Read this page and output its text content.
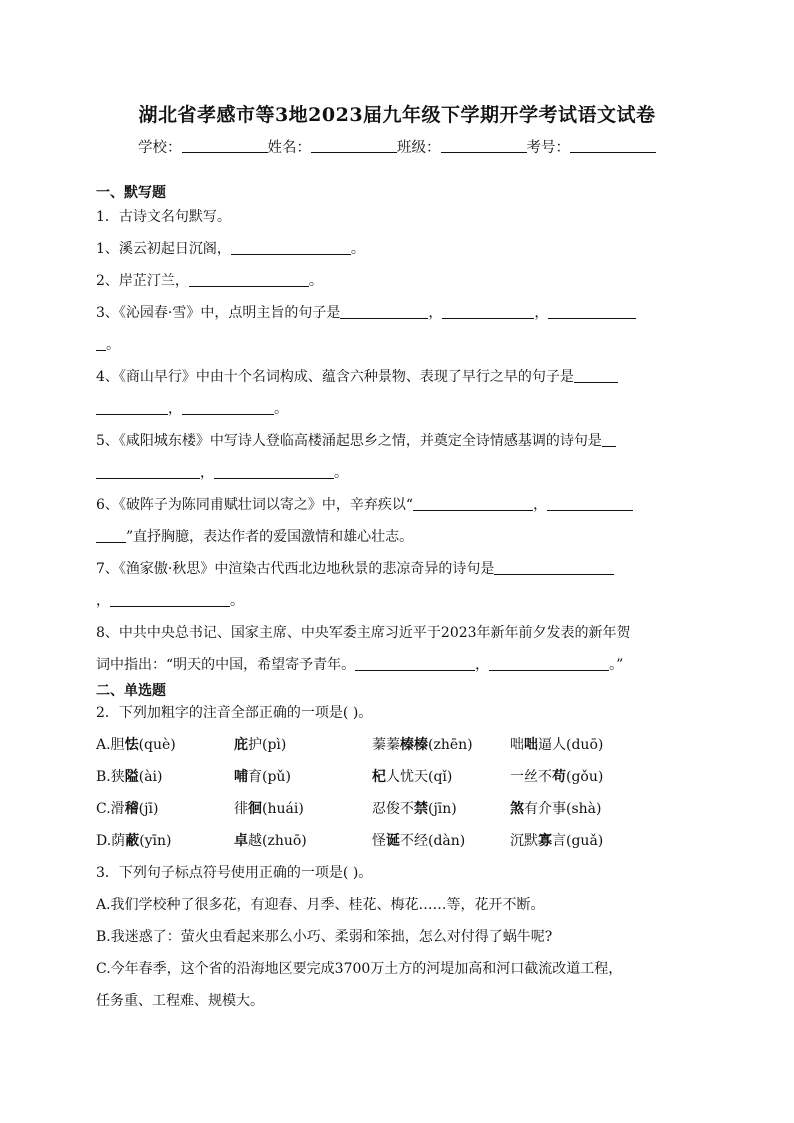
湖北省孝感市等3地2023届九年级下学期开学考试语文试卷
学校：	姓名：	班级：	考号：
一、默写题
1．古诗文名句默写。
1、溪云初起日沉阁，	。
2、岸芷汀兰，	。
3、《沁园春·雪》中，点明主旨的句子是	，	，
。
4、《商山早行》中由十个名词构成、蕴含六种景物、表现了早行之早的句子是
，	。
5、《咸阳城东楼》中写诗人登临高楼涌起思乡之情，并奠定全诗情感基调的诗句是
，	。
6、《破阵子为陈同甫赋壮词以寄之》中，辛弃疾以“	，
”直抒胸臆，表达作者的爱国激情和雄心壮志。
7、《渔家傲·秋思》中渲染古代西北边地秋景的悲凉奇异的诗句是
，	。
8、中共中央总书记、国家主席、中央军委主席习近平于2023年新年前夕发表的新年贺
词中指出：“明天的中国，希望寄予青年。	，	。”
二、单选题
2．下列加粗字的注音全部正确的一项是( )。
A.胆怯(què)	庇护(pì)	蓁蓁榛榛(zhēn)	咄咄逼人(duō)
B.狭隘(ài)	哺育(pǔ)	杞人忧天(qǐ)	一丝不苟(gǒu)
C.滑稽(jī)	徘徊(huái)	忍俊不禁(jīn)	煞有介事(shà)
D.荫蔽(yīn)	卓越(zhuō)	怪诞不经(dàn)	沉默寡言(guǎ)
3．下列句子标点符号使用正确的一项是( )。
A.我们学校种了很多花，有迎春、月季、桂花、梅花……等，花开不断。
B.我迷惑了：萤火虫看起来那么小巧、柔弱和笨拙，怎么对付得了蜗牛呢?
C.今年春季，这个省的沿海地区要完成3700万土方的河堤加高和河口截流改道工程，
任务重、工程难、规模大。
